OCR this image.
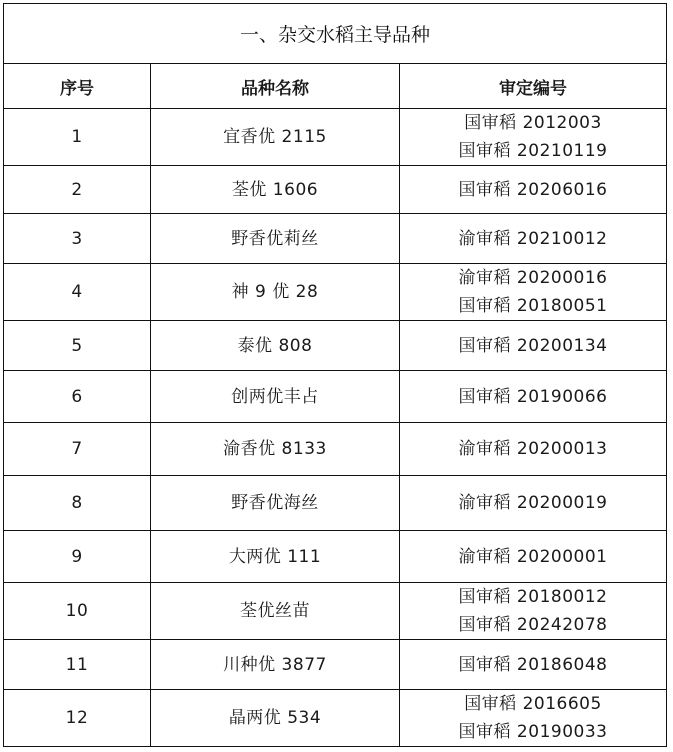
一、杂交水稻主导品种		
序号	品种名称	审定编号
1	宜香优 2115	国审稻 2012003
国审稻 20210119

2	荃优 1606	国审稻 20206016

3	野香优莉丝	渝审稻 20210012

4	神 9 优 28	渝审稻 20200016
国审稻 20180051

5	泰优 808	国审稻 20200134

6	创两优丰占	国审稻 20190066

7	渝香优 8133	渝审稻 20200013

8	野香优海丝	渝审稻 20200019

9	大两优 111	渝审稻 20200001

10	荃优丝苗	国审稻 20180012
国审稻 20242078

11	川种优 3877	国审稻 20186048

12	晶两优 534	国审稻 2016605
国审稻 20190033
